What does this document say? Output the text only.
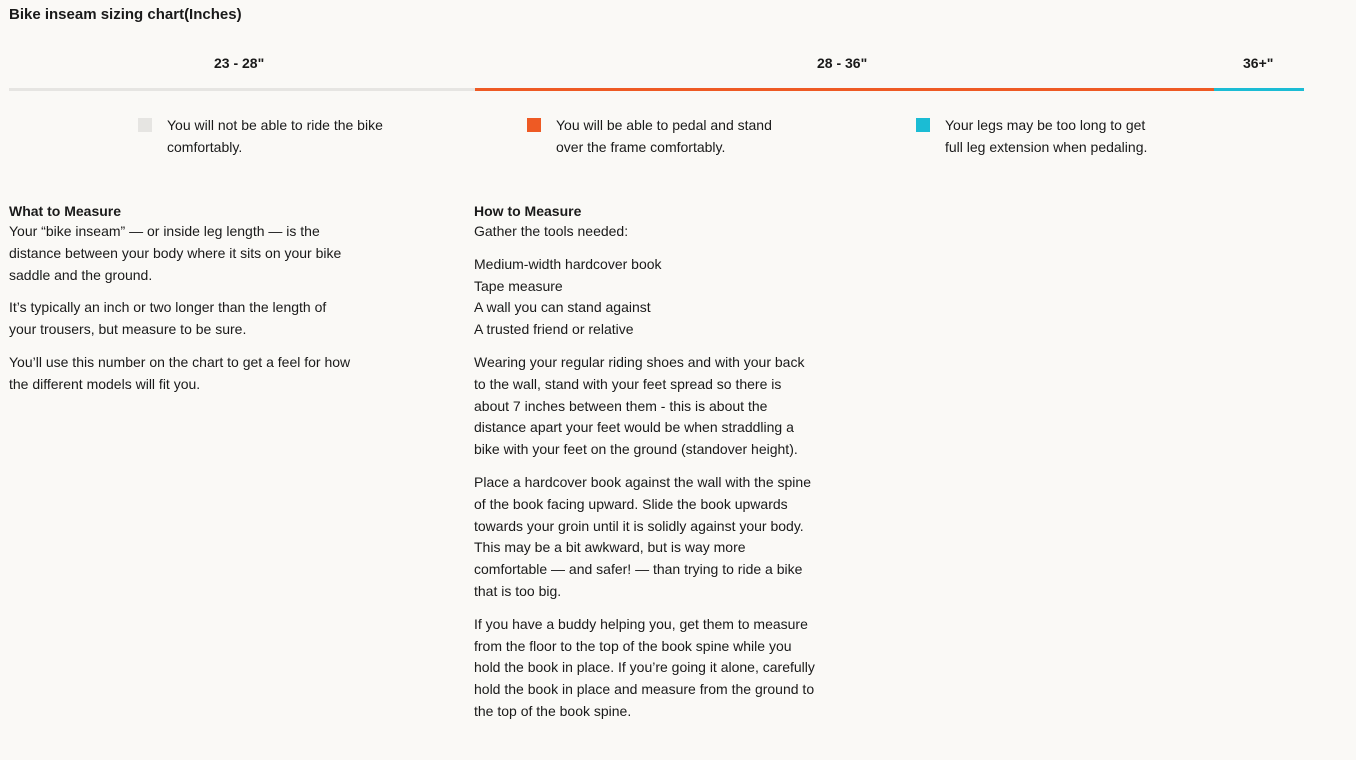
Bike inseam sizing chart(Inches)
23 - 28"	28 - 36"	36+"
You will not be able to ride the bike
comfortably.
You will be able to pedal and stand
over the frame comfortably.
Your legs may be too long to get
full leg extension when pedaling.
What to Measure

Your “bike inseam” — or inside leg length — is the
distance between your body where it sits on your bike
saddle and the ground.

It’s typically an inch or two longer than the length of
your trousers, but measure to be sure.

You’ll use this number on the chart to get a feel for how
the different models will fit you.

How to Measure

Gather the tools needed:

Medium-width hardcover book
Tape measure
A wall you can stand against
A trusted friend or relative

Wearing your regular riding shoes and with your back
to the wall, stand with your feet spread so there is
about 7 inches between them - this is about the
distance apart your feet would be when straddling a
bike with your feet on the ground (standover height).

Place a hardcover book against the wall with the spine
of the book facing upward. Slide the book upwards
towards your groin until it is solidly against your body.
This may be a bit awkward, but is way more
comfortable — and safer! — than trying to ride a bike
that is too big.

If you have a buddy helping you, get them to measure
from the floor to the top of the book spine while you
hold the book in place. If you’re going it alone, carefully
hold the book in place and measure from the ground to
the top of the book spine.
